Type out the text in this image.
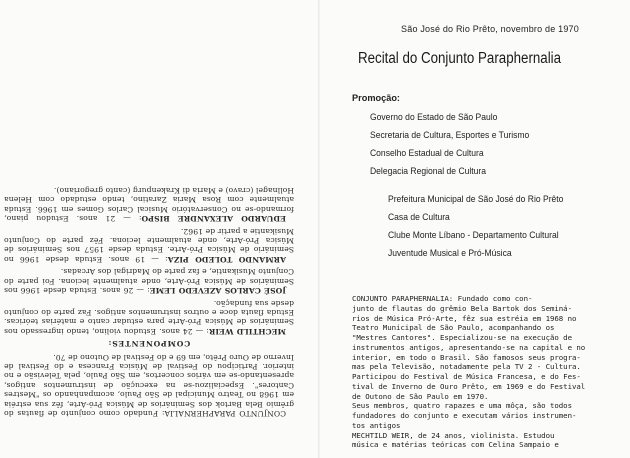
CONJUNTO PARAPHERNALIA: Fundado como conjunto de flautas do grêmio Bela Bartok dos Seminários de Música Pró-Arte, fêz sua estréia em 1968 no Teatro Municipal de São Paulo, acompanhando os "Mestres Cantores". Especializou-se na execução de instrumentos antigos, apresentando-se em vários concertos, em São Paulo, pela Televisão e no interior. Participou do Festival de Música Francesa e do Festival de Inverno de Ouro Prêto, em 69 e do Festival de Outono de 70.

COMPONENTES:

MECHTILD WEIR: — 24 anos. Estudou violino, tendo ingressado nos Seminários de Música Pró-Arte para estudar canto e matérias teóricas. Estuda flauta doce e outros instrumentos antigos. Faz parte do conjunto desde sua fundação.

JOSÉ CARLOS AZEVEDO LEME: — 26 anos. Estuda desde 1966 nos Seminários de Música Pró-Arte, onde atualmente leciona. Foi parte do Conjunto Musikantie, e faz parte do Madrigal dos Arcadas.

ARMANDO TOLEDO PIZA: — 19 anos. Estuda desde 1966 no Seminário de Música Pró-Arte. Estuda desde 1957 nos Seminários de Música Pró-Arte, onde atualmente leciona. Fêz parte do Conjunto Musikantie a partir de 1962.

EDUARDO ALEXANDRE BISPO: — 21 anos. Estudou piano, formando-se no Conservatório Musical Carlos Gomes em 1966. Estuda atualmente com Rosa Maria Zaratino, tendo estudado com Helena Hollnagel (cravo) e Maria di Krakenpurg (canto gregoriano).

São José do Rio Prêto, novembro de 1970
Recital do Conjunto Paraphernalia
Promoção:
Governo do Estado de São Paulo
Secretaria de Cultura, Esportes e Turismo
Conselho Estadual de Cultura
Delegacia Regional de Cultura
Prefeitura Municipal de São José do Rio Prêto
Casa de Cultura
Clube Monte Líbano - Departamento Cultural
Juventude Musical e Pró-Música

CONJUNTO PARAPHERNALIA: Fundado como con-

junto de flautas do grêmio Bela Bartok dos Seminá-

rios de Música Pró-Arte, fêz sua estréia em 1968 no

Teatro Municipal de São Paulo, acompanhando os

"Mestres Cantores". Especializou-se na execução de

instrumentos antigos, apresentando-se na capital e no

interior, em todo o Brasil. São famosos seus progra-

mas pela Televisão, notadamente pela TV 2 - Cultura.

Participou do Festival de Música Francesa, e do Fes-

tival de Inverno de Ouro Prêto, em 1969 e do Festival

de Outono de São Paulo em 1970.

Seus membros, quatro rapazes e uma môça, são todos

fundadores do conjunto e executam vários instrumen-

tos antigos

MECHTILD WEIR, de 24 anos, violinista. Estudou

música e matérias teóricas com Celina Sampaio e
